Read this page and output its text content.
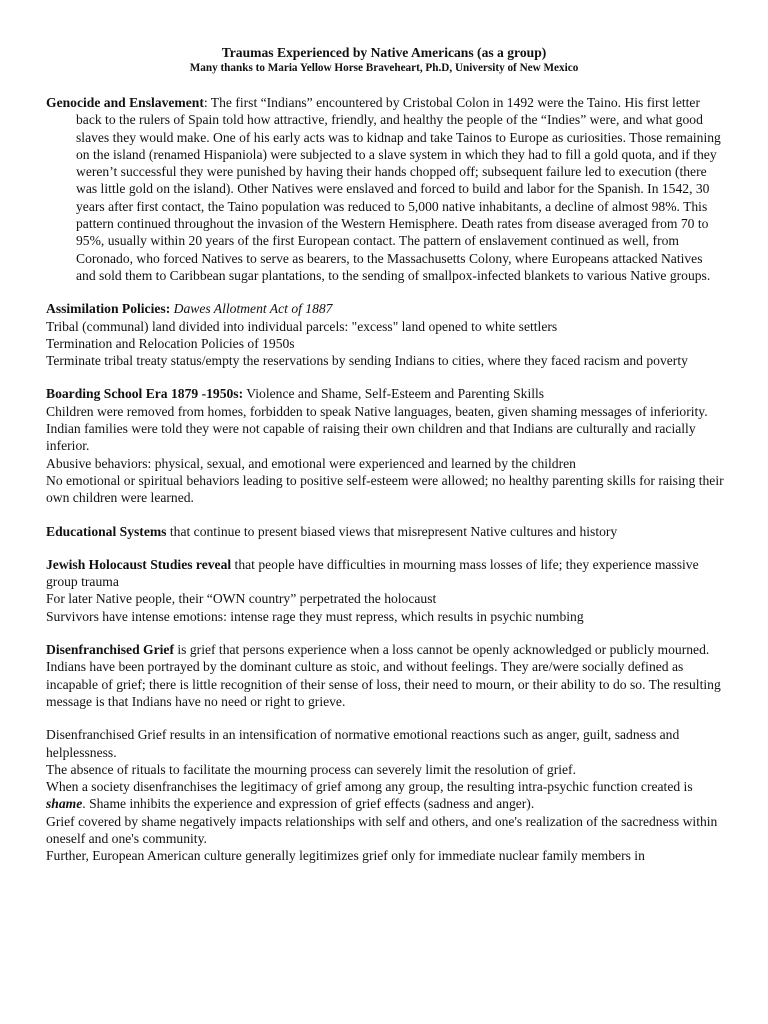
Traumas Experienced by Native Americans (as a group)
Many thanks to Maria Yellow Horse Braveheart, Ph.D, University of New Mexico

Genocide and Enslavement: The first “Indians” encountered by Cristobal Colon in 1492 were the Taino. His first letter back to the rulers of Spain told how attractive, friendly, and healthy the people of the “Indies” were, and what good slaves they would make. One of his early acts was to kidnap and take Tainos to Europe as curiosities. Those remaining on the island (renamed Hispaniola) were subjected to a slave system in which they had to fill a gold quota, and if they weren’t successful they were punished by having their hands chopped off; subsequent failure led to execution (there was little gold on the island). Other Natives were enslaved and forced to build and labor for the Spanish. In 1542, 30 years after first contact, the Taino population was reduced to 5,000 native inhabitants, a decline of almost 98%. This pattern continued throughout the invasion of the Western Hemisphere. Death rates from disease averaged from 70 to 95%, usually within 20 years of the first European contact. The pattern of enslavement continued as well, from Coronado, who forced Natives to serve as bearers, to the Massachusetts Colony, where Europeans attacked Natives and sold them to Caribbean sugar plantations, to the sending of smallpox-infected blankets to various Native groups.

Assimilation Policies: Dawes Allotment Act of 1887

Tribal (communal) land divided into individual parcels: "excess" land opened to white settlers

Termination and Relocation Policies of 1950s

Terminate tribal treaty status/empty the reservations by sending Indians to cities, where they faced racism and poverty

Boarding School Era 1879 -1950s: Violence and Shame, Self-Esteem and Parenting Skills

Children were removed from homes, forbidden to speak Native languages, beaten, given shaming messages of inferiority.

Indian families were told they were not capable of raising their own children and that Indians are culturally and racially inferior.

Abusive behaviors: physical, sexual, and emotional were experienced and learned by the children

No emotional or spiritual behaviors leading to positive self-esteem were allowed; no healthy parenting skills for raising their own children were learned.

Educational Systems that continue to present biased views that misrepresent Native cultures and history

Jewish Holocaust Studies reveal that people have difficulties in mourning mass losses of life; they experience massive group trauma

For later Native people, their “OWN country” perpetrated the holocaust

Survivors have intense emotions: intense rage they must repress, which results in psychic numbing

Disenfranchised Grief is grief that persons experience when a loss cannot be openly acknowledged or publicly mourned. Indians have been portrayed by the dominant culture as stoic, and without feelings. They are/were socially defined as incapable of grief; there is little recognition of their sense of loss, their need to mourn, or their ability to do so. The resulting message is that Indians have no need or right to grieve.

Disenfranchised Grief results in an intensification of normative emotional reactions such as anger, guilt, sadness and helplessness.

The absence of rituals to facilitate the mourning process can severely limit the resolution of grief.

When a society disenfranchises the legitimacy of grief among any group, the resulting intra-psychic function created is shame. Shame inhibits the experience and expression of grief effects (sadness and anger).

Grief covered by shame negatively impacts relationships with self and others, and one's realization of the sacredness within oneself and one's community.

Further, European American culture generally legitimizes grief only for immediate nuclear family members in
